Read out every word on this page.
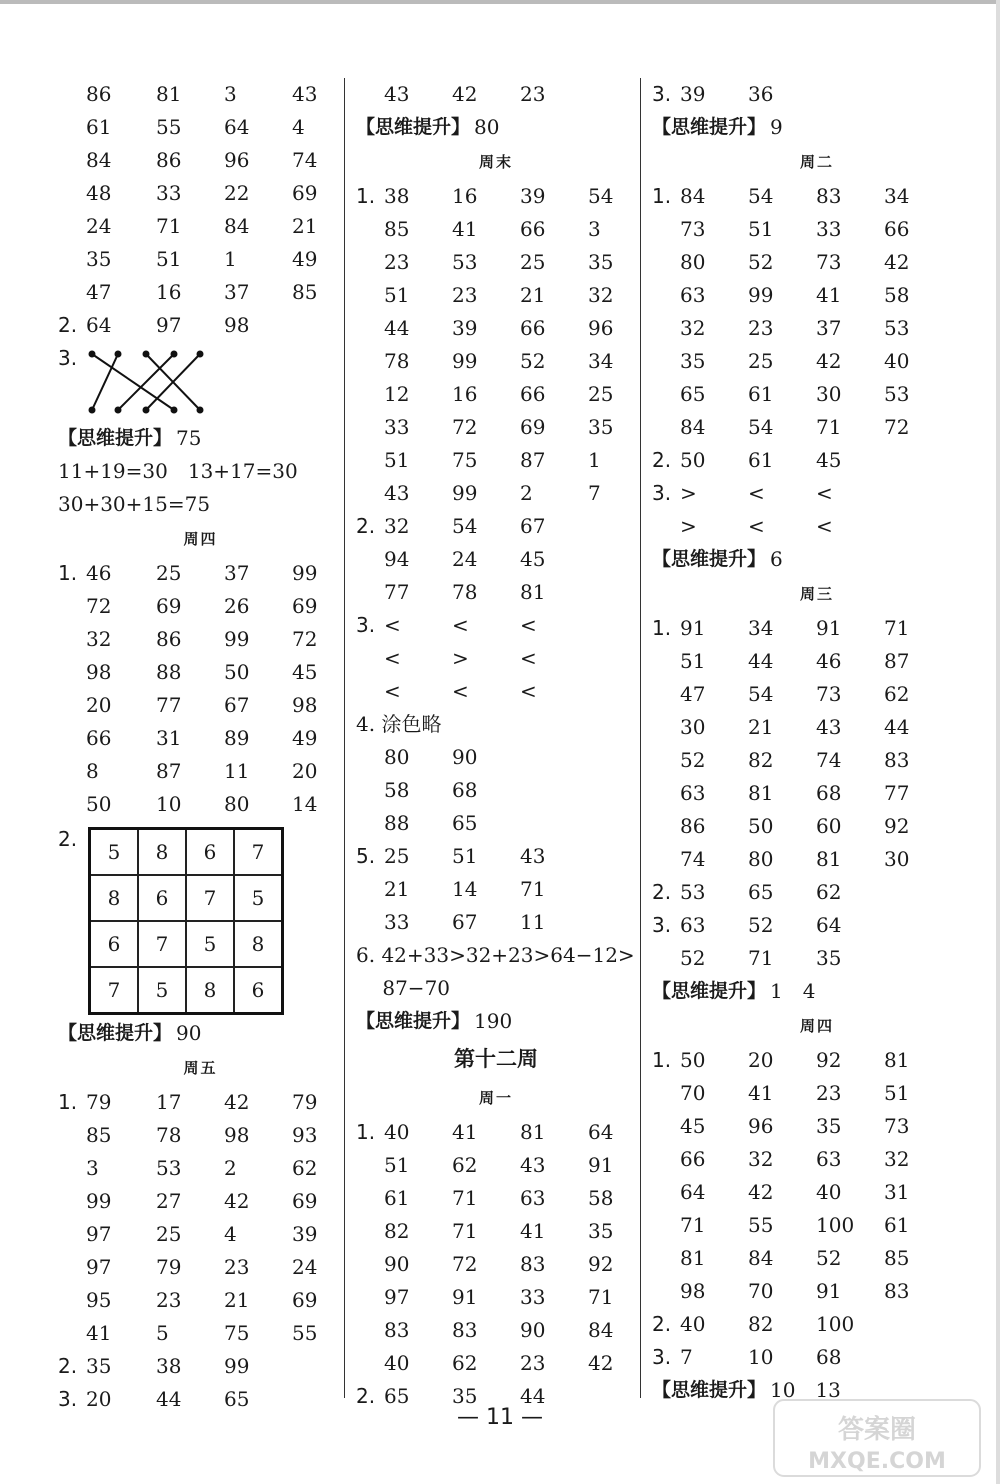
86 81 3	43
61 55 64 4
84 86 96 74
48 33 22 69
24 71 84 21
35 51 1	49
47 16 37 85
2. 64 97 98
3.
【思维提升】 75
11+19=30　13+17=30
30+30+15=75
周四
1. 46 25 37 99
72 69 26 69
32 86 99 72
98 88 50 45
20 77 67 98
66 31 89 49
8	87 11 20
50 10 80 14
2.
5	8	6	7
8	6	7	5
6	7	5	8
7	5	8	6
【思维提升】 90
周五
1. 79 17 42 79
85 78 98 93
3	53 2	62
99 27 42 69
97 25 4	39
97 79 23 24
95 23 21 69
41 5	75 55
2. 35 38 99
3. 20 44 65
43 42 23
【思维提升】 80
周末
1. 38 16 39 54
85 41 66 3
23 53 25 35
51 23 21 32
44 39 66 96
78 99 52 34
12 16 66 25
33 72 69 35
51 75 87 1
43 99 2	7
2. 32 54 67
94 24 45
77 78 81
3. <	<	<
<	>	<
<	<	<
4. 涂色略
80 90
58 68
88 65
5. 25 51 43
21 14 71
33 67 11
6. 42+33>32+23>64−12>
　 87−70
【思维提升】 190
第十二周
周一
1. 40 41 81 64
51 62 43 91
61 71 63 58
82 71 41 35
90 72 83 92
97 91 33 71
83 83 90 84
40 62 23 42
2. 65 35 44
3. 39 36
【思维提升】 9
周二
1. 84 54 83 34
73 51 33 66
80 52 73 42
63 99 41 58
32 23 37 53
35 25 42 40
65 61 30 53
84 54 71 72
2. 50 61 45
3. >	<	<
>	<	<
【思维提升】 6
周三
1. 91 34 91 71
51 44 46 87
47 54 73 62
30 21 43 44
52 82 74 83
63 81 68 77
86 50 60 92
74 80 81 30
2. 53 65 62
3. 63 52 64
52 71 35
【思维提升】 1　4
周四
1. 50 20 92 81
70 41 23 51
45 96 35 73
66 32 63 32
64 42 40 31
71 55 100 61
81 84 52 85
98 70 91 83
2. 40 82 100
3. 7	10 68
【思维提升】 10　13
— 11 —	答案圈
MXQE.COM
